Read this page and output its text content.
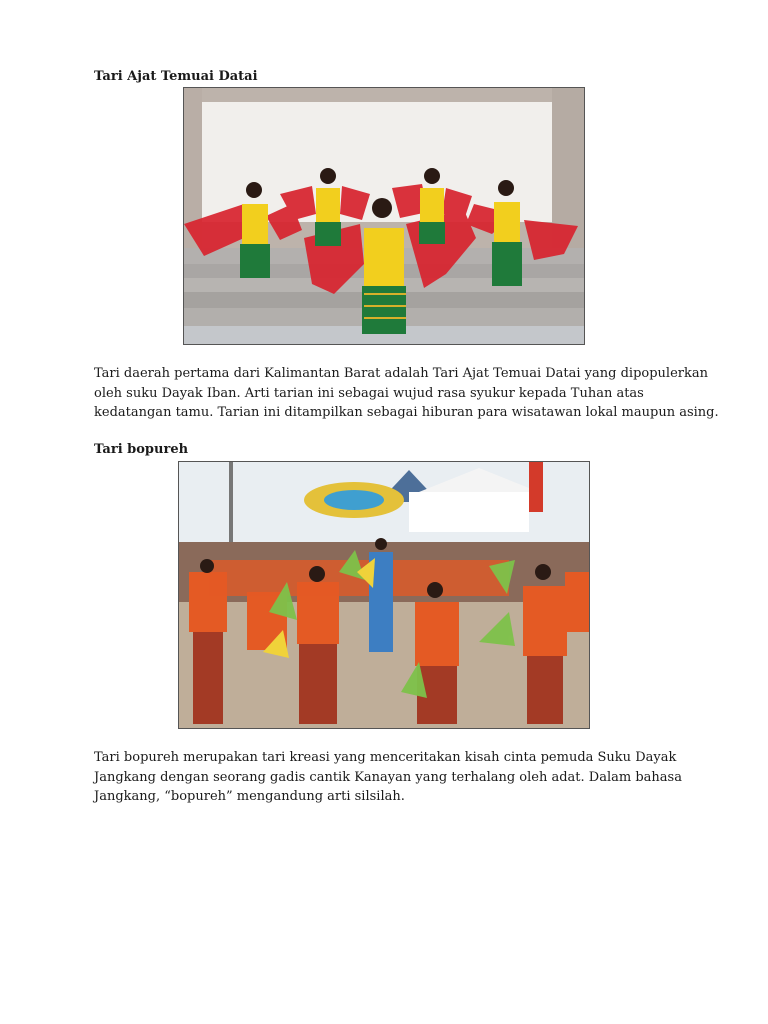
Tari Ajat Temuai Datai

Tari daerah pertama dari Kalimantan Barat adalah Tari Ajat Temuai Datai yang dipopulerkan
oleh suku Dayak Iban. Arti tarian ini sebagai wujud rasa syukur kepada Tuhan atas
kedatangan tamu. Tarian ini ditampilkan sebagai hiburan para wisatawan lokal maupun asing.

Tari bopureh

Tari bopureh merupakan tari kreasi yang menceritakan kisah cinta pemuda Suku Dayak
Jangkang dengan seorang gadis cantik Kanayan yang terhalang oleh adat. Dalam bahasa
Jangkang, “bopureh” mengandung arti silsilah.
